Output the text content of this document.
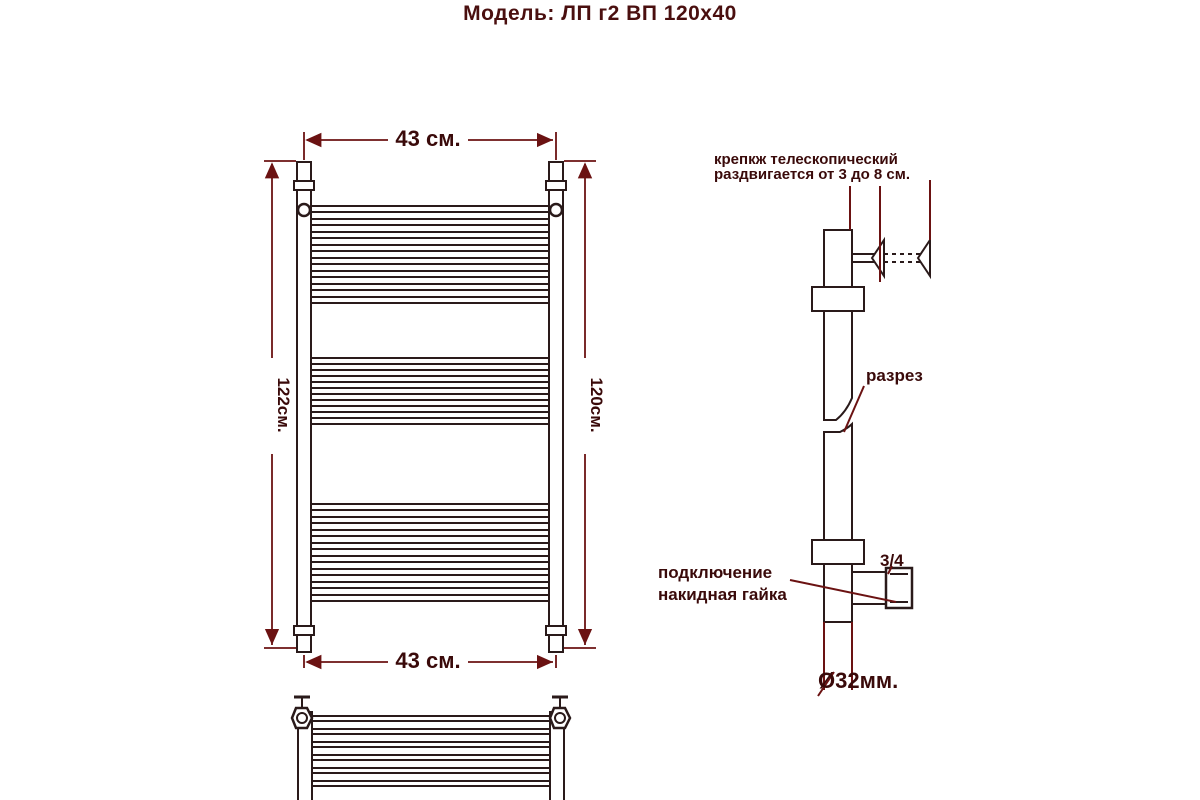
Модель: ЛП г2 ВП 120х40
43 см.
43 см.
122см.	120см.
крепкж телескопический
раздвигается от 3 до 8 см.
разрез
подключение
накидная гайка
3/4
Ø32мм.
